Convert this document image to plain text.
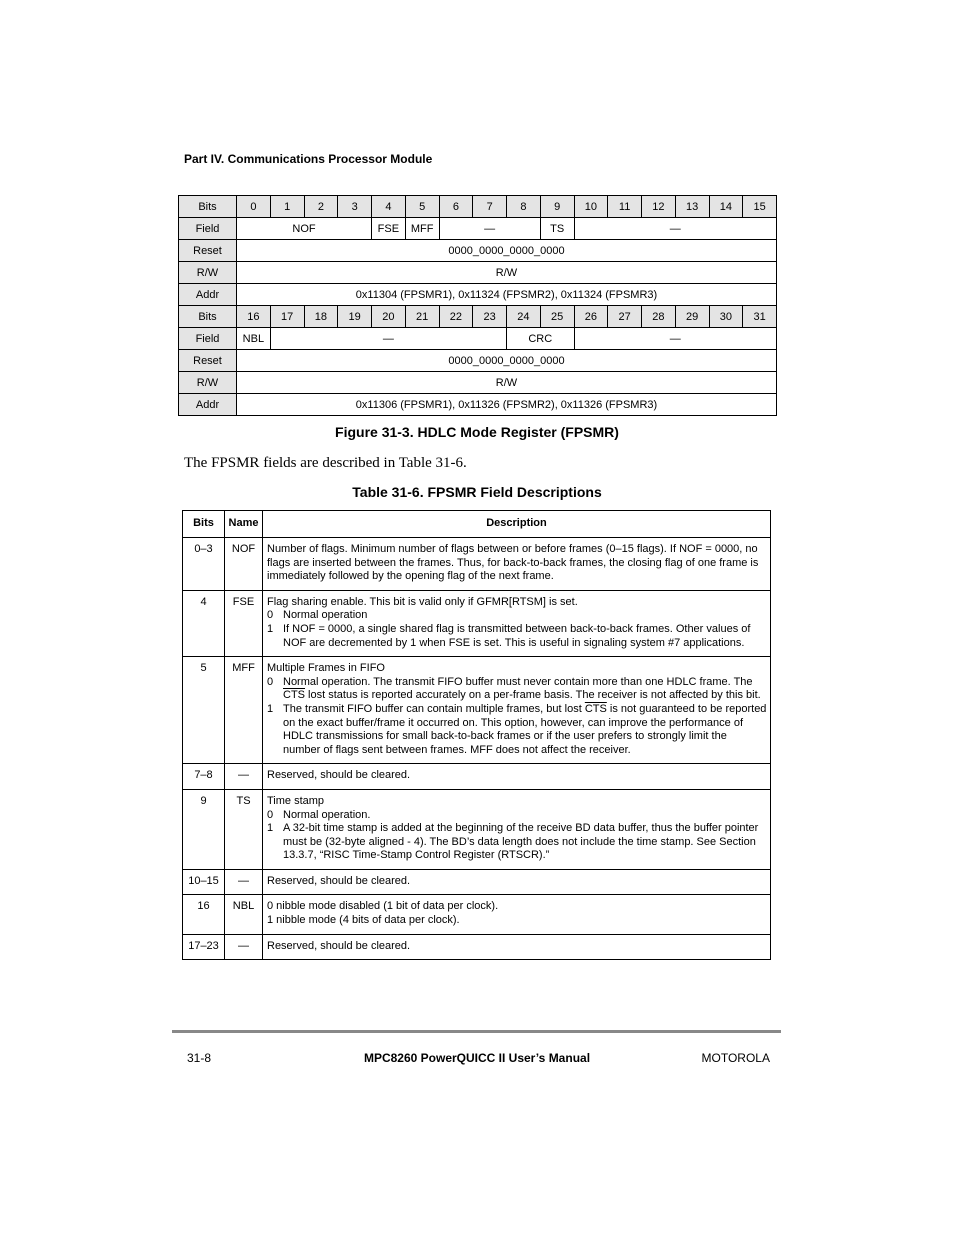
Part IV. Communications Processor Module
Bits	0	1	2	3	4	5	6	7	8	9	10	11	12	13	14	15
Field	NOF				FSE	MFF	—			TS	—					
Reset	0000_0000_0000_0000															
R/W	R/W															
Addr	0x11304 (FPSMR1), 0x11324 (FPSMR2), 0x11324 (FPSMR3)															
Bits	16	17	18	19	20	21	22	23	24	25	26	27	28	29	30	31
Field	NBL	—							CRC		—					
Reset	0000_0000_0000_0000															
R/W	R/W															
Addr	0x11306 (FPSMR1), 0x11326 (FPSMR2), 0x11326 (FPSMR3)															
Figure 31-3. HDLC Mode Register (FPSMR)
The FPSMR fields are described in Table 31-6.
Table 31-6. FPSMR Field Descriptions
Bits	Name	Description
0–3	NOF	Number of flags. Minimum number of flags between or before frames (0–15 flags). If NOF = 0000, no flags are inserted between the frames. Thus, for back-to-back frames, the closing flag of one frame is immediately followed by the opening flag of the next frame.

4	FSE	Flag sharing enable. This bit is valid only if GFMR[RTSM] is set.
0 Normal operation
1 If NOF = 0000, a single shared flag is transmitted between back-to-back frames. Other values of NOF are decremented by 1 when FSE is set. This is useful in signaling system #7 applications.

5	MFF	Multiple Frames in FIFO
0 Normal operation. The transmit FIFO buffer must never contain more than one HDLC frame. The $\overline{CTS}$ lost status is reported accurately on a per-frame basis. The receiver is not affected by this bit.
1 The transmit FIFO buffer can contain multiple frames, but lost $\overline{CTS}$ is not guaranteed to be reported on the exact buffer/frame it occurred on. This option, however, can improve the performance of HDLC transmissions for small back-to-back frames or if the user prefers to strongly limit the number of flags sent between frames. MFF does not affect the receiver.

7–8	—	Reserved, should be cleared.

9	TS	Time stamp
0 Normal operation.
1 A 32-bit time stamp is added at the beginning of the receive BD data buffer, thus the buffer pointer must be (32-byte aligned - 4). The BD’s data length does not include the time stamp. See Section 13.3.7, “RISC Time-Stamp Control Register (RTSCR).”

10–15	—	Reserved, should be cleared.

16	NBL	0 nibble mode disabled (1 bit of data per clock).
1 nibble mode (4 bits of data per clock).

17–23	—	Reserved, should be cleared.
31-8	MPC8260 PowerQUICC II User’s Manual	MOTOROLA
